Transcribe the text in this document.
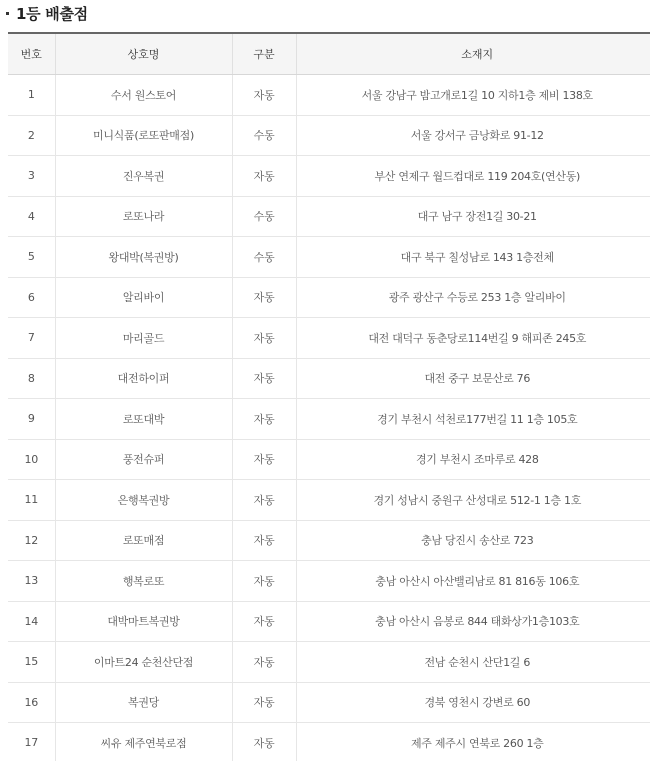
1등 배출점
번호	상호명	구분	소재지
1	수서 원스토어	자동	서울 강남구 밤고개로1길 10 지하1층 제비 138호
2	미니식품(로또판매점)	수동	서울 강서구 금낭화로 91-12
3	진우복권	자동	부산 연제구 월드컵대로 119 204호(연산동)
4	로또나라	수동	대구 남구 장전1길 30-21
5	왕대박(복권방)	수동	대구 북구 칠성남로 143 1층전체
6	알리바이	자동	광주 광산구 수등로 253 1층 알리바이
7	마리골드	자동	대전 대덕구 동춘당로114번길 9 해피존 245호
8	대전하이퍼	자동	대전 중구 보문산로 76
9	로또대박	자동	경기 부천시 석천로177번길 11 1층 105호
10	풍전슈퍼	자동	경기 부천시 조마루로 428
11	은행복권방	자동	경기 성남시 중원구 산성대로 512-1 1층 1호
12	로또매점	자동	충남 당진시 송산로 723
13	행복로또	자동	충남 아산시 아산밸리남로 81 816동 106호
14	대박마트복권방	자동	충남 아산시 음봉로 844 태화상가1층103호
15	이마트24 순천산단점	자동	전남 순천시 산단1길 6
16	복권당	자동	경북 영천시 강변로 60
17	씨유 제주연북로점	자동	제주 제주시 연북로 260 1층
